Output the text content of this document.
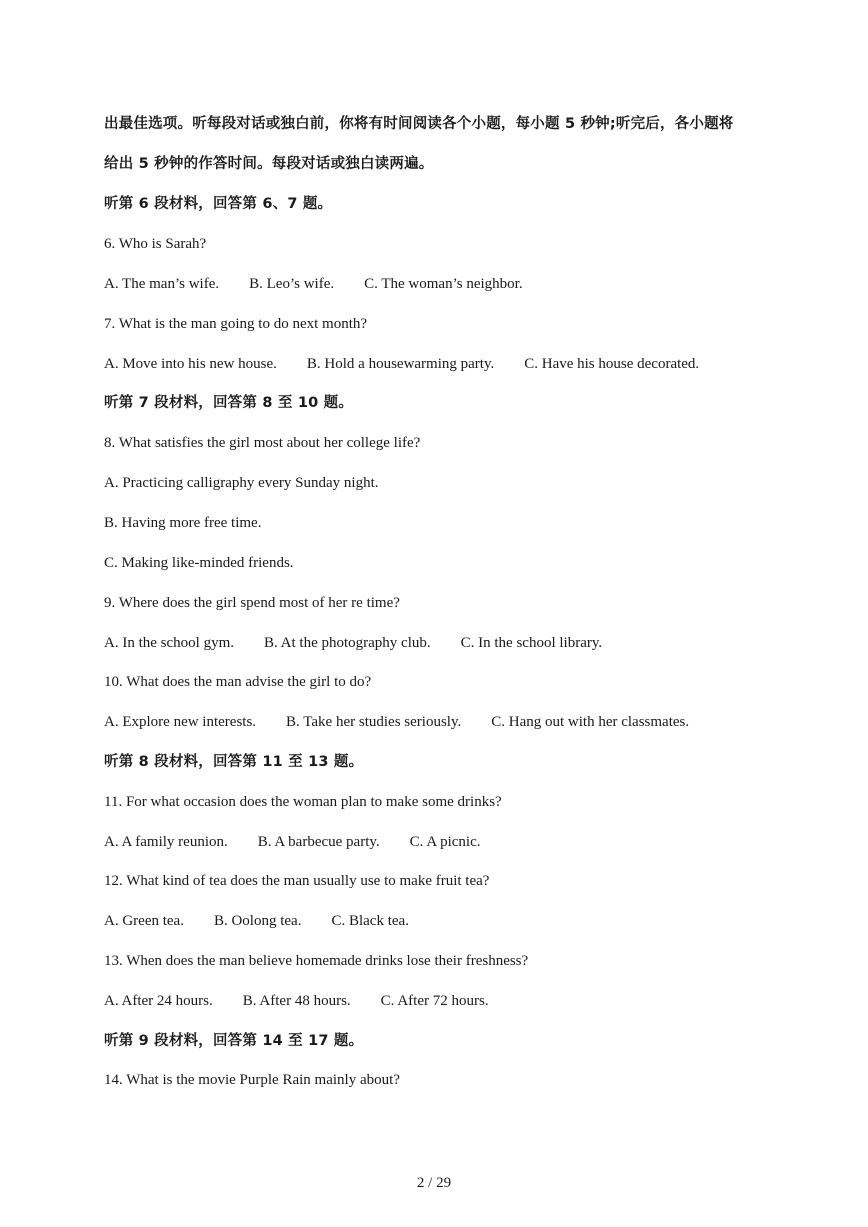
出最佳选项。听每段对话或独白前，你将有时间阅读各个小题，每小题 5 秒钟;听完后，各小题将
给出 5 秒钟的作答时间。每段对话或独白读两遍。
听第 6 段材料，回答第 6、7 题。
6. Who is Sarah?
A. The man’s wife. B. Leo’s wife. C. The woman’s neighbor.
7. What is the man going to do next month?
A. Move into his new house. B. Hold a housewarming party. C. Have his house decorated.
听第 7 段材料，回答第 8 至 10 题。
8. What satisfies the girl most about her college life?
A. Practicing calligraphy every Sunday night.
B. Having more free time.
C. Making like-minded friends.
9. Where does the girl spend most of her re time?
A. In the school gym. B. At the photography club. C. In the school library.
10. What does the man advise the girl to do?
A. Explore new interests. B. Take her studies seriously. C. Hang out with her classmates.
听第 8 段材料，回答第 11 至 13 题。
11. For what occasion does the woman plan to make some drinks?
A. A family reunion. B. A barbecue party. C. A picnic.
12. What kind of tea does the man usually use to make fruit tea?
A. Green tea. B. Oolong tea. C. Black tea.
13. When does the man believe homemade drinks lose their freshness?
A. After 24 hours. B. After 48 hours. C. After 72 hours.
听第 9 段材料，回答第 14 至 17 题。
14. What is the movie Purple Rain mainly about?
2 / 29
